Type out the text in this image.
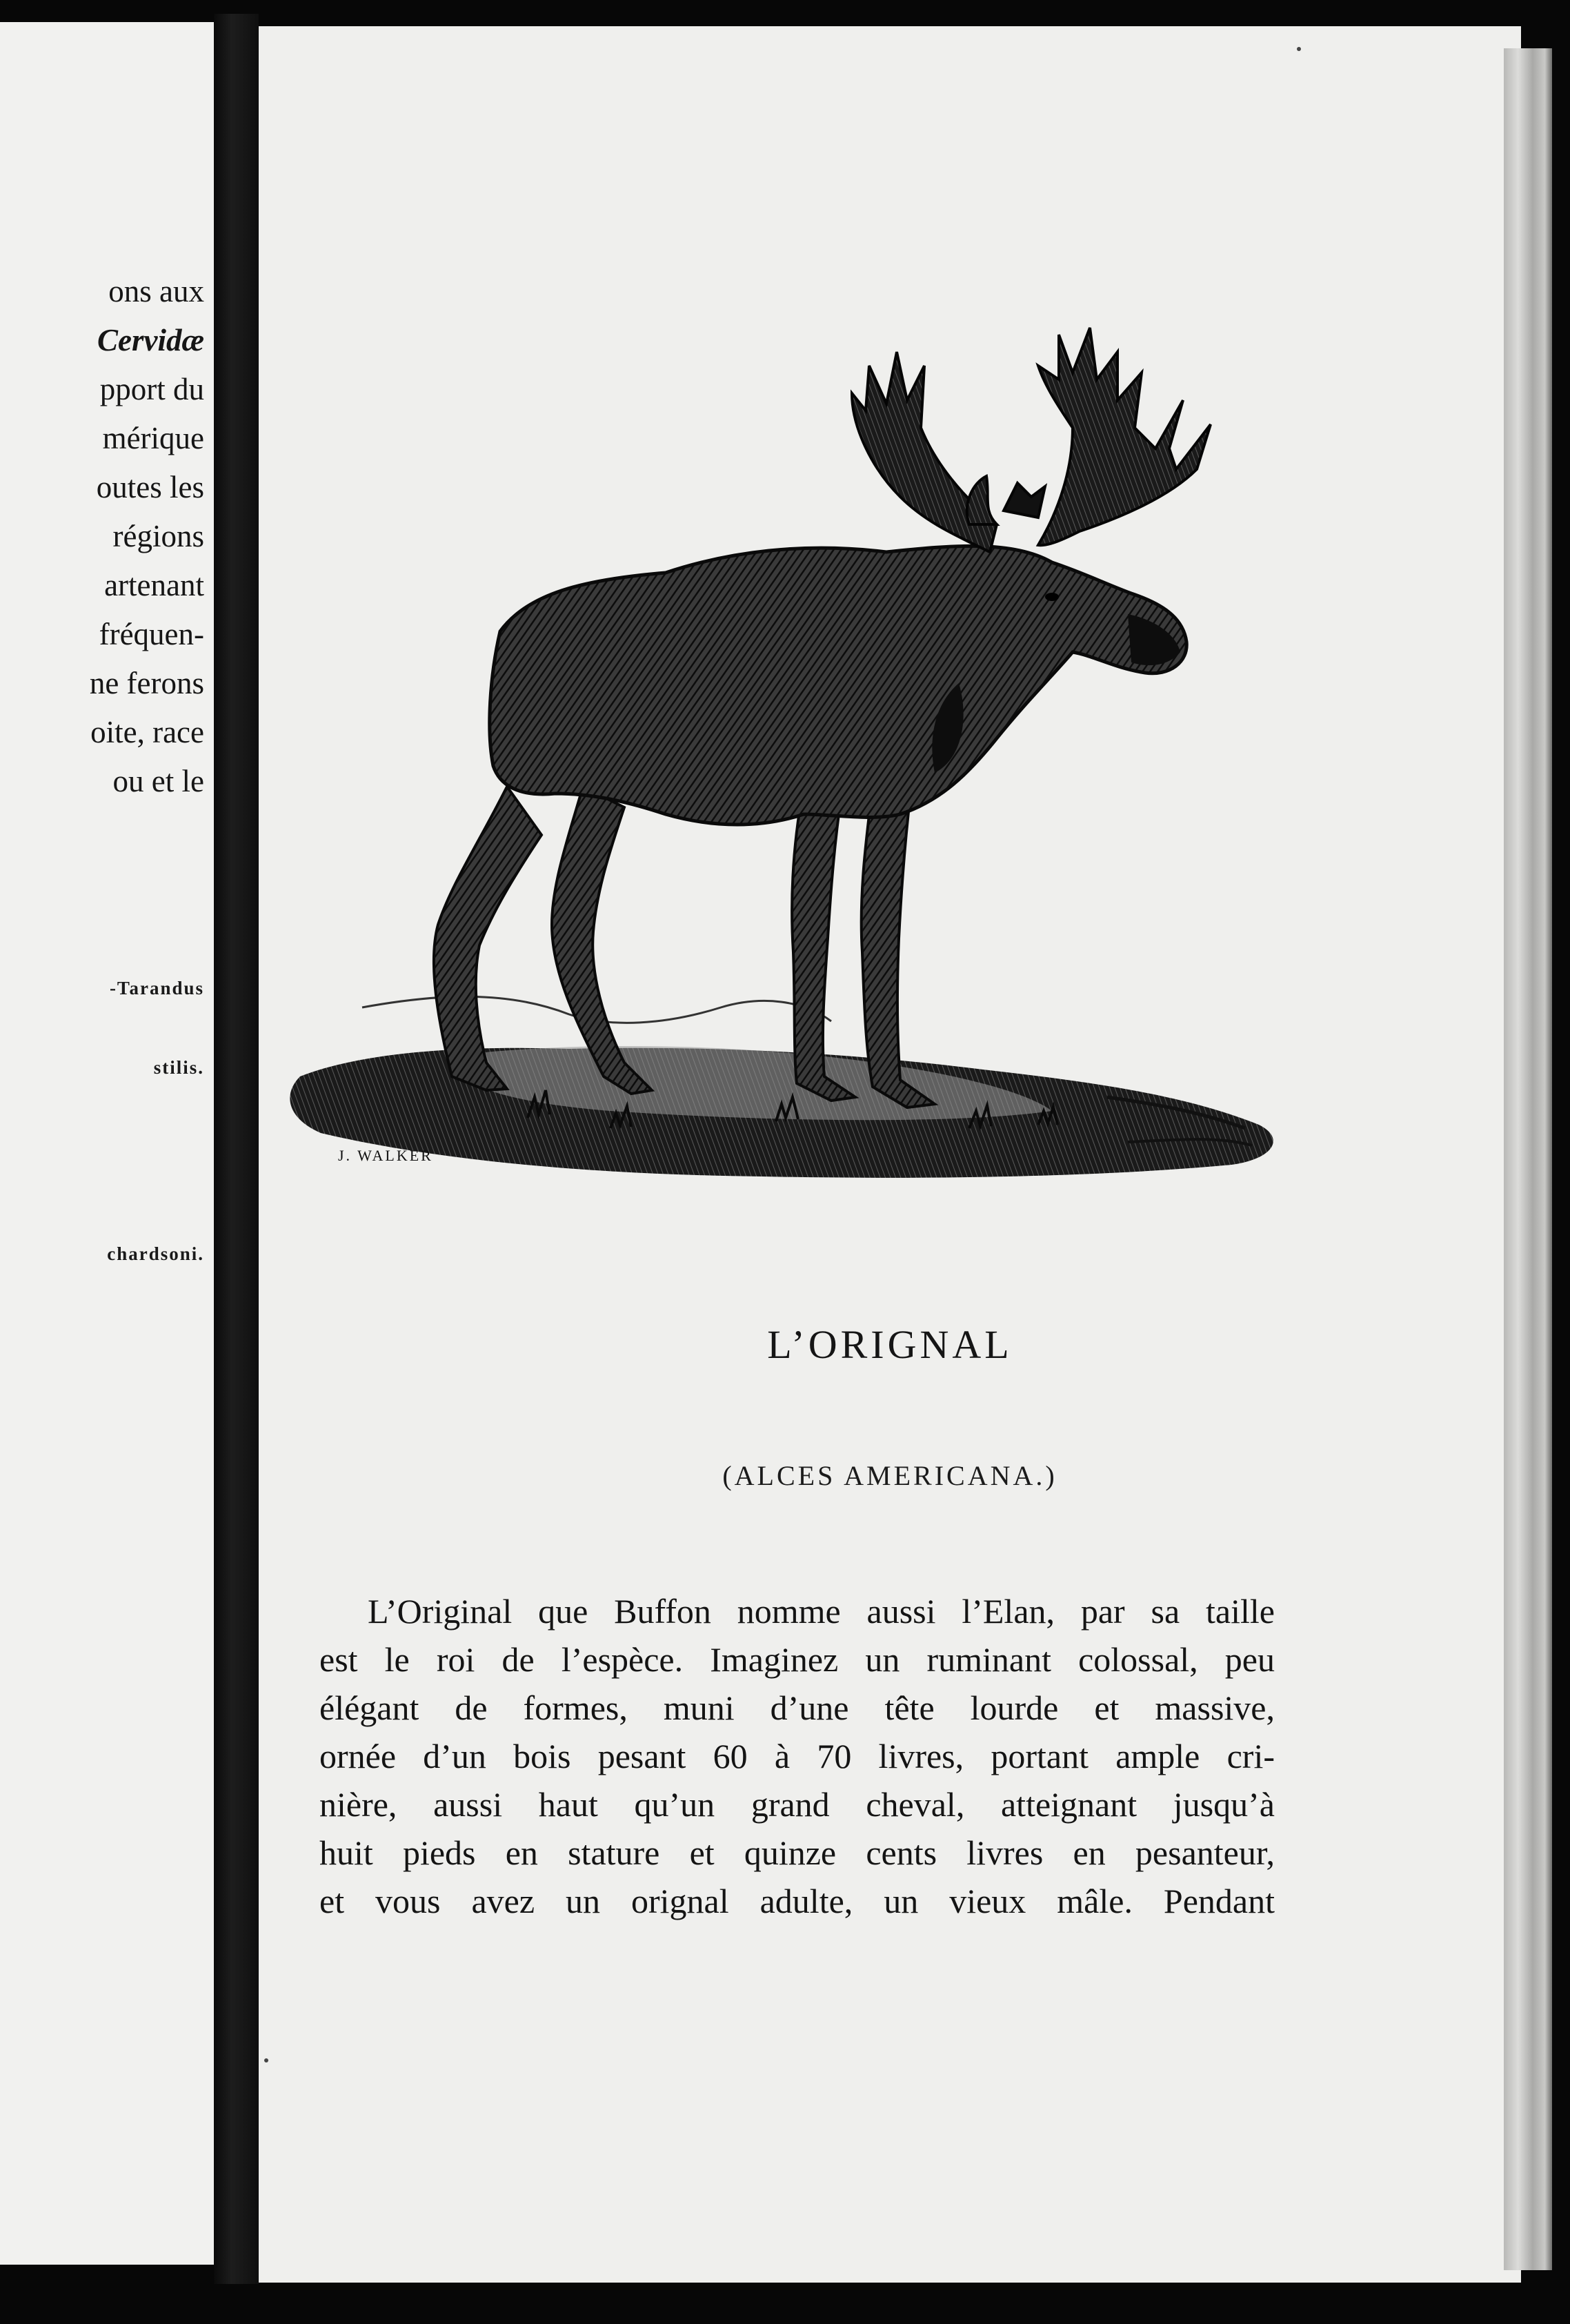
ons aux
Cervidæ
pport du
mérique
outes les
régions
artenant
fréquen-
ne ferons
oite, race
ou et le
-Tarandus
stilis.
chardsoni.
J. WALKER
L’ORIGNAL
(ALCES AMERICANA.)
L’Original que Buffon nomme aussi l’Elan, par sa taille
est le roi de l’espèce. Imaginez un ruminant colossal, peu
élégant de formes, muni d’une tête lourde et massive,
ornée d’un bois pesant 60 à 70 livres, portant ample cri-
nière, aussi haut qu’un grand cheval, atteignant jusqu’à
huit pieds en stature et quinze cents livres en pesanteur,
et vous avez un orignal adulte, un vieux mâle. Pendant
